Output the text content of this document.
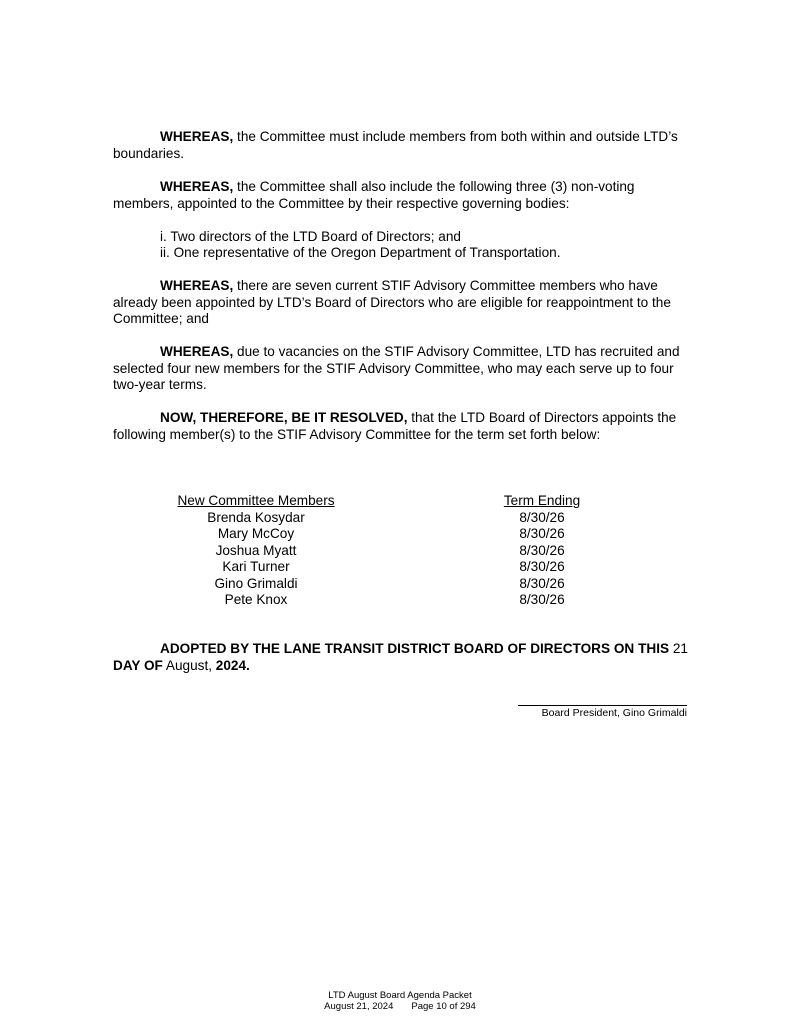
WHEREAS, the Committee must include members from both within and outside LTD’s boundaries.

WHEREAS, the Committee shall also include the following three (3) non-voting members, appointed to the Committee by their respective governing bodies:

i. Two directors of the LTD Board of Directors; and
ii. One representative of the Oregon Department of Transportation.

WHEREAS, there are seven current STIF Advisory Committee members who have already been appointed by LTD’s Board of Directors who are eligible for reappointment to the Committee; and

WHEREAS, due to vacancies on the STIF Advisory Committee, LTD has recruited and selected four new members for the STIF Advisory Committee, who may each serve up to four two-year terms.

NOW, THEREFORE, BE IT RESOLVED, that the LTD Board of Directors appoints the following member(s) to the STIF Advisory Committee for the term set forth below:

New Committee Members
Brenda Kosydar
Mary McCoy
Joshua Myatt
Kari Turner
Gino Grimaldi
Pete Knox
Term Ending
8/30/26
8/30/26
8/30/26
8/30/26
8/30/26
8/30/26
ADOPTED BY THE LANE TRANSIT DISTRICT BOARD OF DIRECTORS ON THIS 21 DAY OF August, 2024.
Board President, Gino Grimaldi
LTD August Board Agenda Packet
August 21, 2024 Page 10 of 294
